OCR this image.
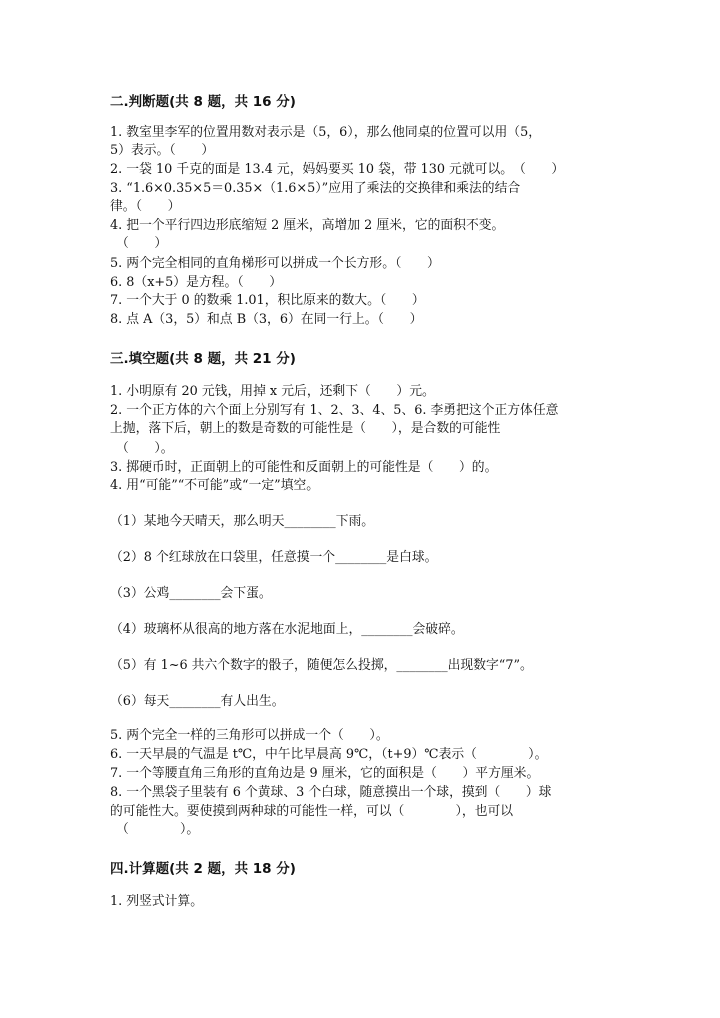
二.判断题(共 8 题，共 16 分)
1. 教室里李军的位置用数对表示是（5，6），那么他同桌的位置可以用（5，
5）表示。（　　）
2. 一袋 10 千克的面是 13.4 元，妈妈要买 10 袋，带 130 元就可以。　（　　）
3. “1.6×0.35×5＝0.35×（1.6×5）”应用了乘法的交换律和乘法的结合
律。（　　）
4. 把一个平行四边形底缩短 2 厘米，高增加 2 厘米，它的面积不变。
（　　）
5. 两个完全相同的直角梯形可以拼成一个长方形。（　　）
6. 8（x+5）是方程。（　　）
7. 一个大于 0 的数乘 1.01，积比原来的数大。（　　）
8. 点 A（3，5）和点 B（3，6）在同一行上。（　　）
三.填空题(共 8 题，共 21 分)
1. 小明原有 20 元钱，用掉 x 元后，还剩下（　　）元。
2. 一个正方体的六个面上分别写有 1、2、3、4、5、6. 李勇把这个正方体任意
上抛，落下后，朝上的数是奇数的可能性是（　　），是合数的可能性
（　　）。
3. 掷硬币时，正面朝上的可能性和反面朝上的可能性是（　　）的。
4. 用“可能”“不可能”或“一定”填空。
（1）某地今天晴天，那么明天________下雨。
（2）8 个红球放在口袋里，任意摸一个________是白球。
（3）公鸡________会下蛋。
（4）玻璃杯从很高的地方落在水泥地面上，________会破碎。
（5）有 1~6 共六个数字的骰子，随便怎么投掷，________出现数字“7”。
（6）每天________有人出生。
5. 两个完全一样的三角形可以拼成一个（　　）。
6. 一天早晨的气温是 t℃，中午比早晨高 9℃，（t+9）℃表示（　　　　）。
7. 一个等腰直角三角形的直角边是 9 厘米，它的面积是（　　）平方厘米。
8. 一个黑袋子里装有 6 个黄球、3 个白球，随意摸出一个球，摸到（　　）球
的可能性大。要使摸到两种球的可能性一样，可以（　　　　），也可以
（　　　　）。
四.计算题(共 2 题，共 18 分)
1. 列竖式计算。
